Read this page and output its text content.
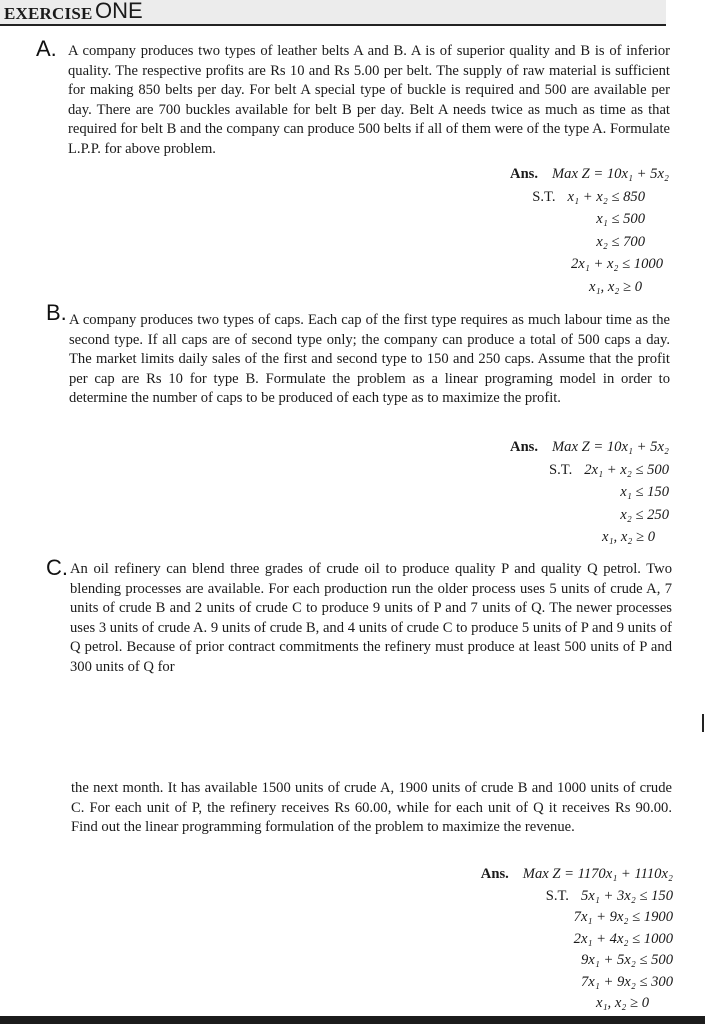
EXERCISE ONE
A. A company produces two types of leather belts A and B. A is of superior quality and B is of inferior quality. The respective profits are Rs 10 and Rs 5.00 per belt. The supply of raw material is sufficient for making 850 belts per day. For belt A special type of buckle is required and 500 are available per day. There are 700 buckles available for belt B per day. Belt A needs twice as much as time as that required for belt B and the company can produce 500 belts if all of them were of the type A. Formulate L.P.P. for above problem.
Ans. Max Z = 10x₁ + 5x₂
S.T. x₁ + x₂ ≤ 850
x₁ ≤ 500
x₂ ≤ 700
2x₁ + x₂ ≤ 1000
x₁, x₂ ≥ 0
B. A company produces two types of caps. Each cap of the first type requires as much labour time as the second type. If all caps are of second type only; the company can produce a total of 500 caps a day. The market limits daily sales of the first and second type to 150 and 250 caps. Assume that the profit per cap are Rs 10 for type B. Formulate the problem as a linear programing model in order to determine the number of caps to be produced of each type as to maximize the profit.
Ans. Max Z = 10x₁ + 5x₂
S.T. 2x₁ + x₂ ≤ 500
x₁ ≤ 150
x₂ ≤ 250
x₁, x₂ ≥ 0
C. An oil refinery can blend three grades of crude oil to produce quality P and quality Q petrol. Two blending processes are available. For each production run the older process uses 5 units of crude A, 7 units of crude B and 2 units of crude C to produce 9 units of P and 7 units of Q. The newer processes uses 3 units of crude A. 9 units of crude B, and 4 units of crude C to produce 5 units of P and 9 units of Q petrol. Because of prior contract commitments the refinery must produce at least 500 units of P and 300 units of Q for
the next month. It has available 1500 units of crude A, 1900 units of crude B and 1000 units of crude C. For each unit of P, the refinery receives Rs 60.00, while for each unit of Q it receives Rs 90.00. Find out the linear programming formulation of the problem to maximize the revenue.
Ans. Max Z = 1170x₁ + 1110x₂
S.T. 5x₁ + 3x₂ ≤ 150
7x₁ + 9x₂ ≤ 1900
2x₁ + 4x₂ ≤ 1000
9x₁ + 5x₂ ≤ 500
7x₁ + 9x₂ ≤ 300
x₁, x₂ ≥ 0
